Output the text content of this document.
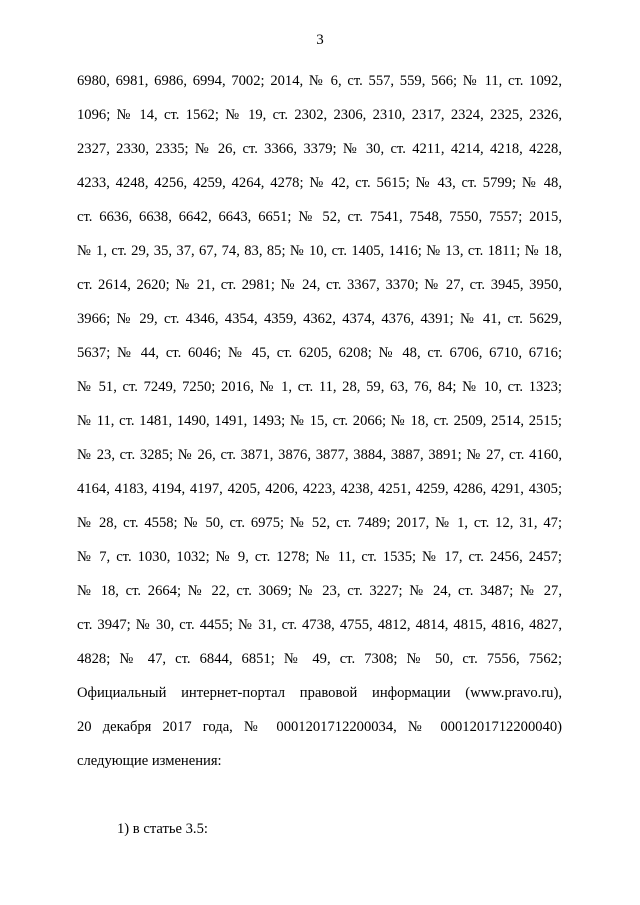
3
6980, 6981, 6986, 6994, 7002; 2014, № 6, ст. 557, 559, 566; № 11, ст. 1092,
1096; № 14, ст. 1562; № 19, ст. 2302, 2306, 2310, 2317, 2324, 2325, 2326,
2327, 2330, 2335; № 26, ст. 3366, 3379; № 30, ст. 4211, 4214, 4218, 4228,
4233, 4248, 4256, 4259, 4264, 4278; № 42, ст. 5615; № 43, ст. 5799; № 48,
ст. 6636, 6638, 6642, 6643, 6651; № 52, ст. 7541, 7548, 7550, 7557; 2015,
№ 1, ст. 29, 35, 37, 67, 74, 83, 85; № 10, ст. 1405, 1416; № 13, ст. 1811; № 18,
ст. 2614, 2620; № 21, ст. 2981; № 24, ст. 3367, 3370; № 27, ст. 3945, 3950,
3966; № 29, ст. 4346, 4354, 4359, 4362, 4374, 4376, 4391; № 41, ст. 5629,
5637; № 44, ст. 6046; № 45, ст. 6205, 6208; № 48, ст. 6706, 6710, 6716;
№ 51, ст. 7249, 7250; 2016, № 1, ст. 11, 28, 59, 63, 76, 84; № 10, ст. 1323;
№ 11, ст. 1481, 1490, 1491, 1493; № 15, ст. 2066; № 18, ст. 2509, 2514, 2515;
№ 23, ст. 3285; № 26, ст. 3871, 3876, 3877, 3884, 3887, 3891; № 27, ст. 4160,
4164, 4183, 4194, 4197, 4205, 4206, 4223, 4238, 4251, 4259, 4286, 4291, 4305;
№ 28, ст. 4558; № 50, ст. 6975; № 52, ст. 7489; 2017, № 1, ст. 12, 31, 47;
№ 7, ст. 1030, 1032; № 9, ст. 1278; № 11, ст. 1535; № 17, ст. 2456, 2457;
№ 18, ст. 2664; № 22, ст. 3069; № 23, ст. 3227; № 24, ст. 3487; № 27,
ст. 3947; № 30, ст. 4455; № 31, ст. 4738, 4755, 4812, 4814, 4815, 4816, 4827,
4828; № 47, ст. 6844, 6851; № 49, ст. 7308; № 50, ст. 7556, 7562;
Официальный интернет-портал правовой информации (www.pravo.ru),
20 декабря 2017 года, № 0001201712200034, № 0001201712200040)
следующие изменения:
1) в статье 3.5:
